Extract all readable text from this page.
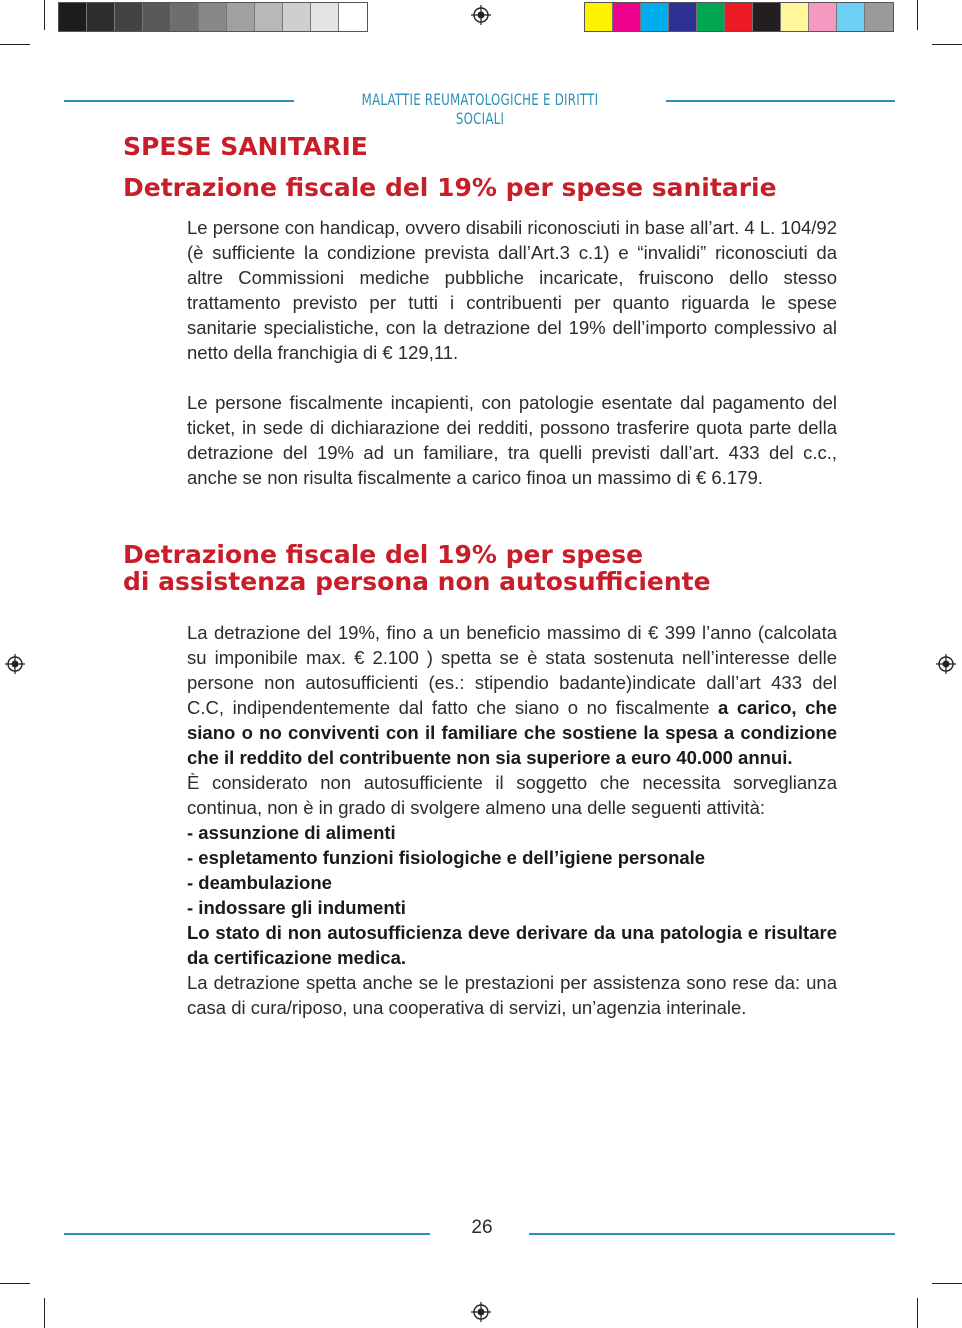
MALATTIE REUMATOLOGICHE E DIRITTI SOCIALI
SPESE SANITARIE
Detrazione fiscale del 19% per spese sanitarie

Le persone con handicap, ovvero disabili riconosciuti in base all’art. 4 L. 104/92 (è sufficiente la condizione prevista dall’Art.3 c.1) e “invalidi” riconosciuti da altre Commissioni mediche pubbliche incaricate, fruiscono dello stesso trattamento previsto per tutti i contribuenti per quanto riguarda le spese sanitarie specialistiche, con la detrazione del 19% dell’importo complessivo al netto della franchigia di € 129,11.

Le persone fiscalmente incapienti, con patologie esentate dal pagamento del ticket, in sede di dichiarazione dei redditi, possono trasferire quota parte della detrazione del 19% ad un familiare, tra quelli previsti dall’art. 433 del c.c., anche se non risulta fiscalmente a carico finoa un massimo di € 6.179.

Detrazione fiscale del 19% per spese
di assistenza persona non autosufficiente

La detrazione del 19%, fino a un beneficio massimo di € 399 l’anno (calcolata su imponibile max. € 2.100 ) spetta se è stata sostenuta nell’interesse delle persone non autosufficienti (es.: stipendio badante)indicate dall’art 433 del C.C, indipendentemente dal fatto che siano o no fiscalmente a carico, che siano o no conviventi con il familiare che sostiene la spesa a condizione che il reddito del contribuente non sia superiore a euro 40.000 annui.

È considerato non autosufficiente il soggetto che necessita sorveglianza continua, non è in grado di svolgere almeno una delle seguenti attività:

- assunzione di alimenti

- espletamento funzioni fisiologiche e dell’igiene personale

- deambulazione

- indossare gli indumenti

Lo stato di non autosufficienza deve derivare da una patologia e risultare da certificazione medica.

La detrazione spetta anche se le prestazioni per assistenza sono rese da: una casa di cura/riposo, una cooperativa di servizi, un’agenzia interinale.

26
